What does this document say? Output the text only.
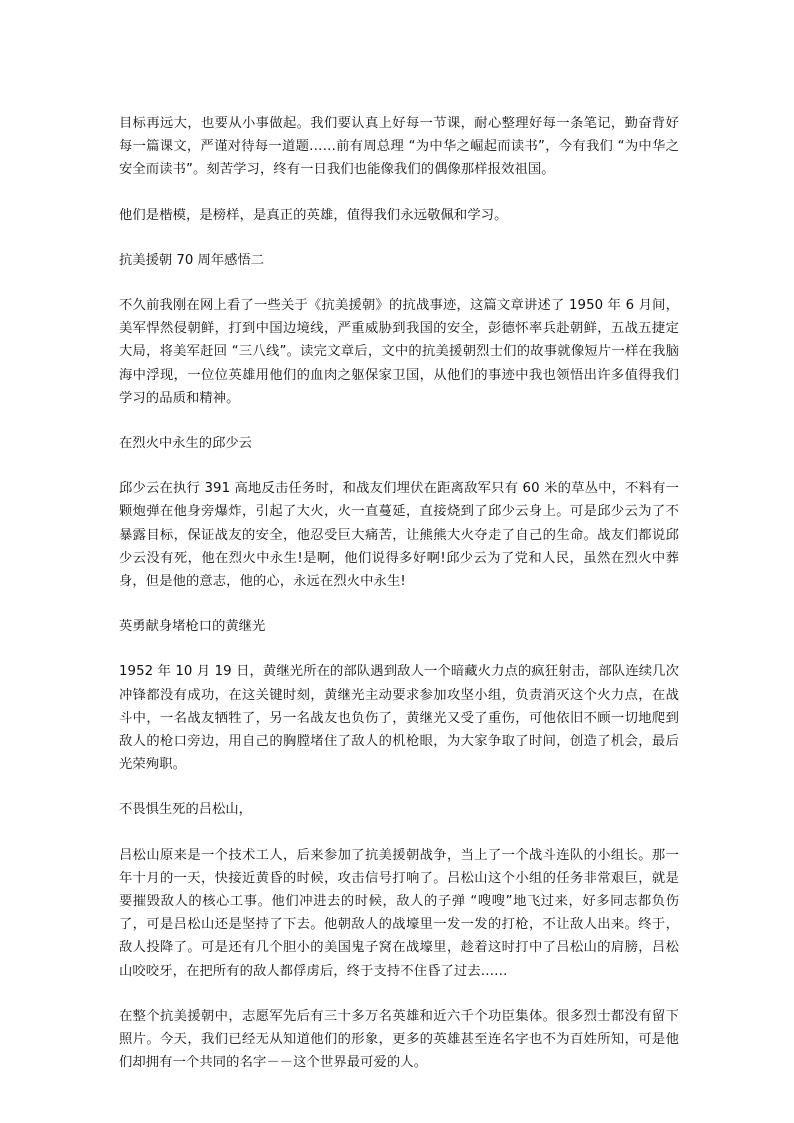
目标再远大，也要从小事做起。我们要认真上好每一节课，耐心整理好每一条笔记，勤奋背好每一篇课文，严谨对待每一道题……前有周总理 “为中华之崛起而读书”，今有我们 “为中华之安全而读书”。刻苦学习，终有一日我们也能像我们的偶像那样报效祖国。

他们是楷模，是榜样，是真正的英雄，值得我们永远敬佩和学习。

抗美援朝 70 周年感悟二

不久前我刚在网上看了一些关于《抗美援朝》的抗战事迹，这篇文章讲述了 1950 年 6 月间，美军悍然侵朝鲜，打到中国边境线，严重威胁到我国的安全，彭德怀率兵赴朝鲜，五战五捷定大局，将美军赶回 “三八线”。读完文章后，文中的抗美援朝烈士们的故事就像短片一样在我脑海中浮现，一位位英雄用他们的血肉之躯保家卫国，从他们的事迹中我也领悟出许多值得我们学习的品质和精神。

在烈火中永生的邱少云

邱少云在执行 391 高地反击任务时，和战友们埋伏在距离敌军只有 60 米的草丛中，不料有一颗炮弹在他身旁爆炸，引起了大火，火一直蔓延，直接烧到了邱少云身上。可是邱少云为了不暴露目标，保证战友的安全，他忍受巨大痛苦，让熊熊大火夺走了自己的生命。战友们都说邱少云没有死，他在烈火中永生!是啊，他们说得多好啊!邱少云为了党和人民，虽然在烈火中葬身，但是他的意志，他的心，永远在烈火中永生!

英勇献身堵枪口的黄继光

1952 年 10 月 19 日，黄继光所在的部队遇到敌人一个暗藏火力点的疯狂射击，部队连续几次冲锋都没有成功，在这关键时刻，黄继光主动要求参加攻坚小组，负责消灭这个火力点，在战斗中，一名战友牺牲了，另一名战友也负伤了，黄继光又受了重伤，可他依旧不顾一切地爬到敌人的枪口旁边，用自己的胸膛堵住了敌人的机枪眼，为大家争取了时间，创造了机会，最后光荣殉职。

不畏惧生死的吕松山，

吕松山原来是一个技术工人，后来参加了抗美援朝战争，当上了一个战斗连队的小组长。那一年十月的一天，快接近黄昏的时候，攻击信号打响了。吕松山这个小组的任务非常艰巨，就是要摧毁敌人的核心工事。他们冲进去的时候，敌人的子弹 “嗖嗖”地飞过来，好多同志都负伤了，可是吕松山还是坚持了下去。他朝敌人的战壕里一发一发的打枪，不让敌人出来。终于，敌人投降了。可是还有几个胆小的美国鬼子窝在战壕里，趁着这时打中了吕松山的肩膀，吕松山咬咬牙，在把所有的敌人都俘虏后，终于支持不住昏了过去……

在整个抗美援朝中，志愿军先后有三十多万名英雄和近六千个功臣集体。很多烈士都没有留下照片。今天，我们已经无从知道他们的形象，更多的英雄甚至连名字也不为百姓所知，可是他们却拥有一个共同的名字－－这个世界最可爱的人。
